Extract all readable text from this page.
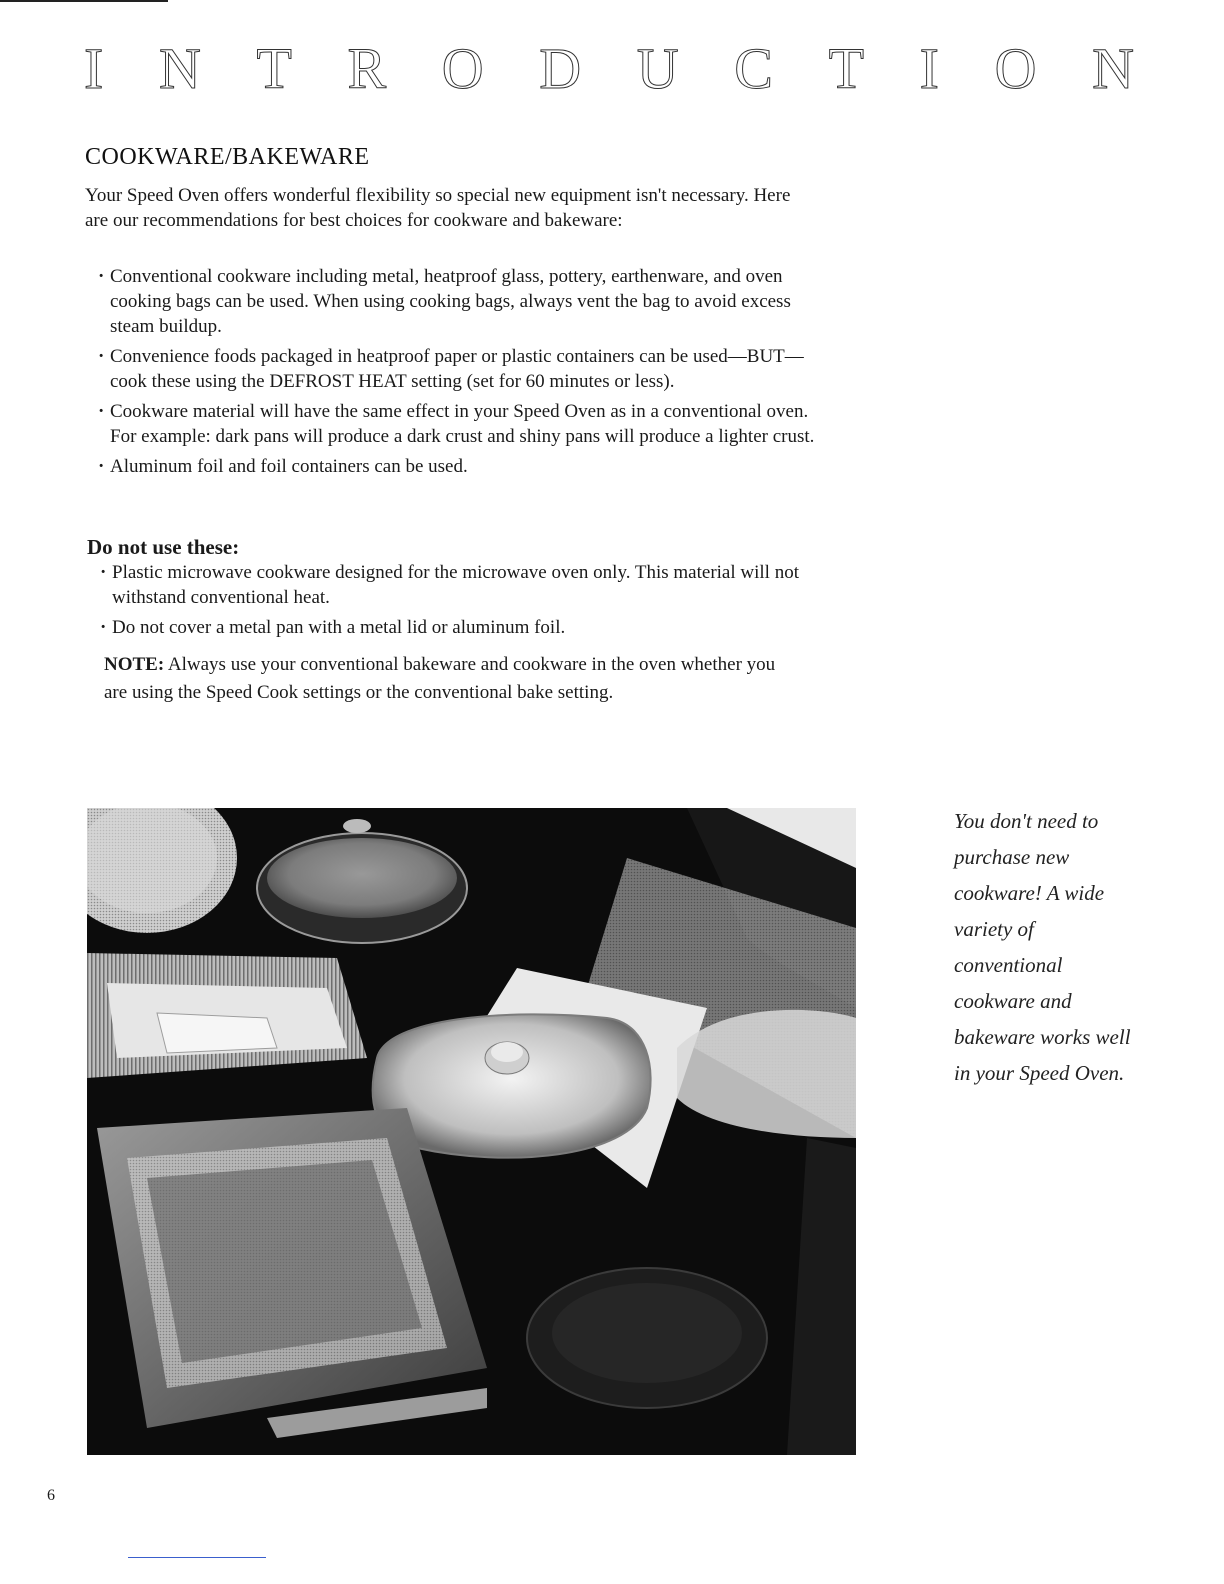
I N T R O D U C T I O N
COOKWARE/BAKEWARE
Your Speed Oven offers wonderful flexibility so special new equipment isn't necessary. Here are our recommendations for best choices for cookware and bakeware:
· Conventional cookware including metal, heatproof glass, pottery, earthenware, and oven cooking bags can be used. When using cooking bags, always vent the bag to avoid excess steam buildup.
· Convenience foods packaged in heatproof paper or plastic containers can be used—BUT—cook these using the DEFROST HEAT setting (set for 60 minutes or less).
· Cookware material will have the same effect in your Speed Oven as in a conventional oven. For example: dark pans will produce a dark crust and shiny pans will produce a lighter crust.
· Aluminum foil and foil containers can be used.
Do not use these:
· Plastic microwave cookware designed for the microwave oven only. This material will not withstand conventional heat.
· Do not cover a metal pan with a metal lid or aluminum foil.
NOTE: Always use your conventional bakeware and cookware in the oven whether you are using the Speed Cook settings or the conventional bake setting.
You don't need to purchase new cookware! A wide variety of conventional cookware and bakeware works well in your Speed Oven.
6
